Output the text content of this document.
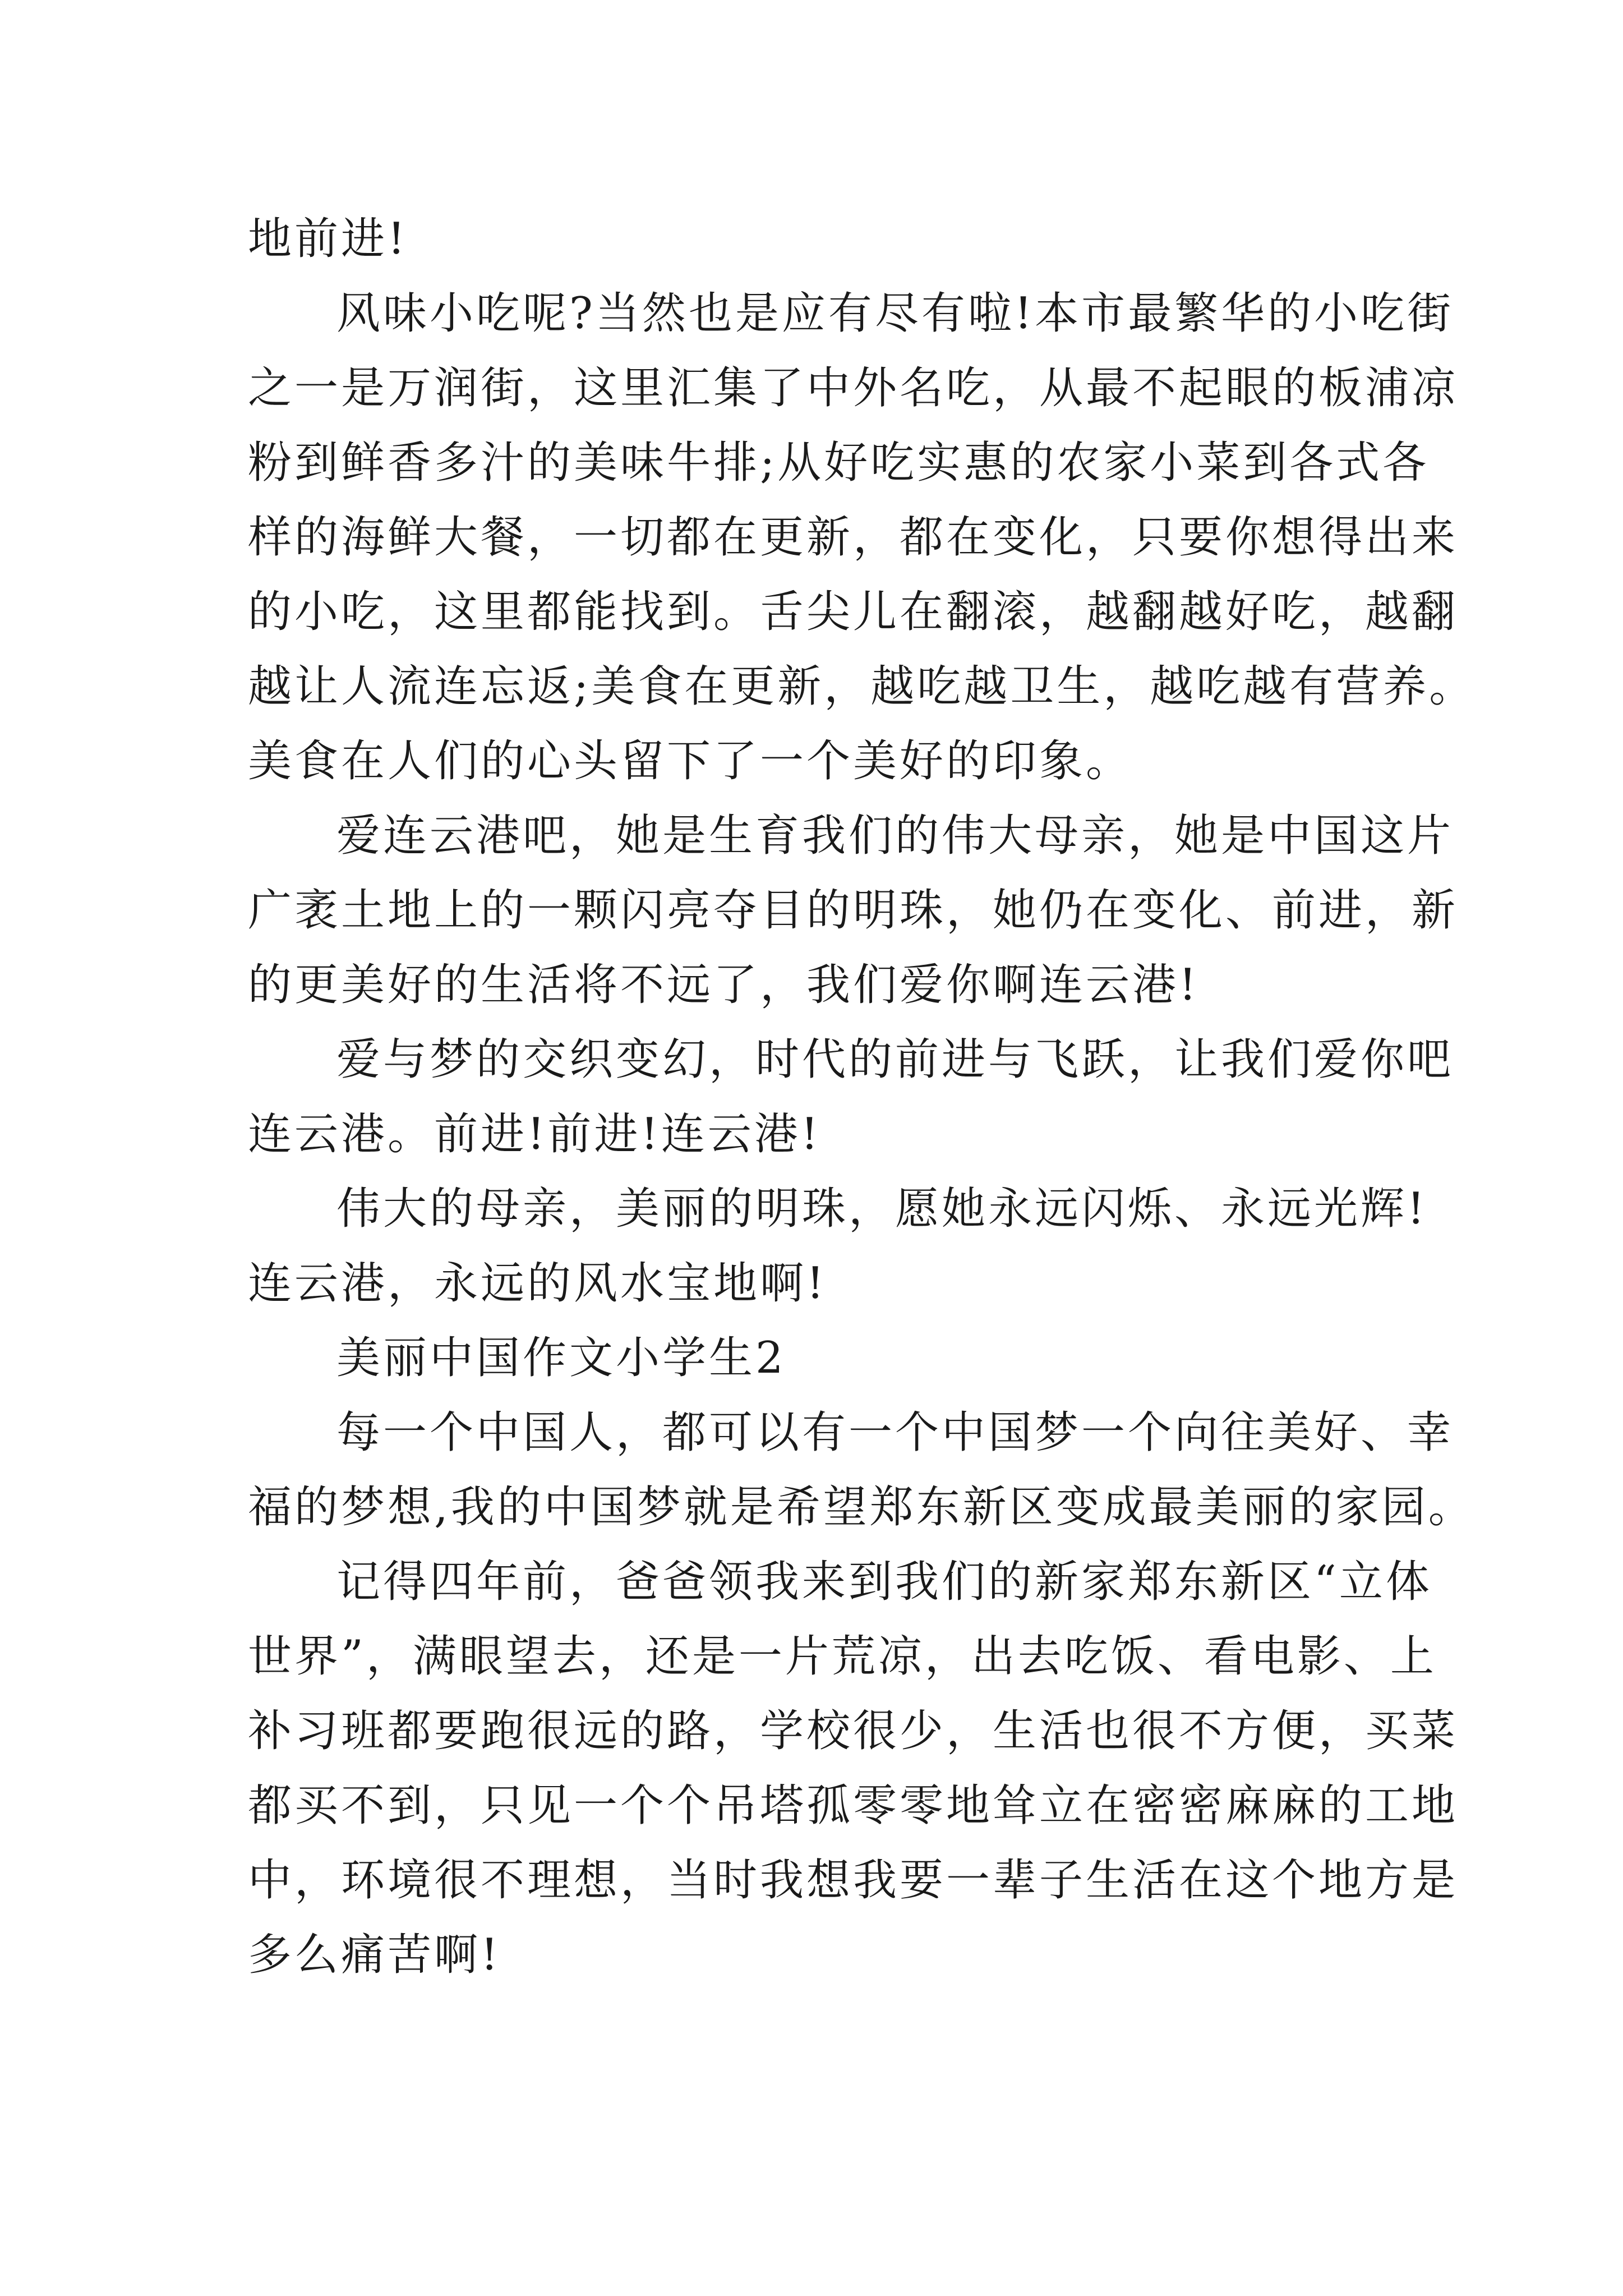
地前进!

风味小吃呢?当然也是应有尽有啦!本市最繁华的小吃街

之一是万润街，这里汇集了中外名吃，从最不起眼的板浦凉

粉到鲜香多汁的美味牛排;从好吃实惠的农家小菜到各式各

样的海鲜大餐，一切都在更新，都在变化，只要你想得出来

的小吃，这里都能找到。舌尖儿在翻滚，越翻越好吃，越翻

越让人流连忘返;美食在更新，越吃越卫生，越吃越有营养。

美食在人们的心头留下了一个美好的印象。

爱连云港吧，她是生育我们的伟大母亲，她是中国这片

广袤土地上的一颗闪亮夺目的明珠，她仍在变化、前进，新

的更美好的生活将不远了，我们爱你啊连云港!

爱与梦的交织变幻，时代的前进与飞跃，让我们爱你吧

连云港。前进!前进!连云港!

伟大的母亲，美丽的明珠，愿她永远闪烁、永远光辉!

连云港，永远的风水宝地啊!

美丽中国作文小学生2

每一个中国人，都可以有一个中国梦一个向往美好、幸

福的梦想,我的中国梦就是希望郑东新区变成最美丽的家园。

记得四年前，爸爸领我来到我们的新家郑东新区“立体

世界”，满眼望去，还是一片荒凉，出去吃饭、看电影、上

补习班都要跑很远的路，学校很少，生活也很不方便，买菜

都买不到，只见一个个吊塔孤零零地耸立在密密麻麻的工地

中，环境很不理想，当时我想我要一辈子生活在这个地方是

多么痛苦啊!
